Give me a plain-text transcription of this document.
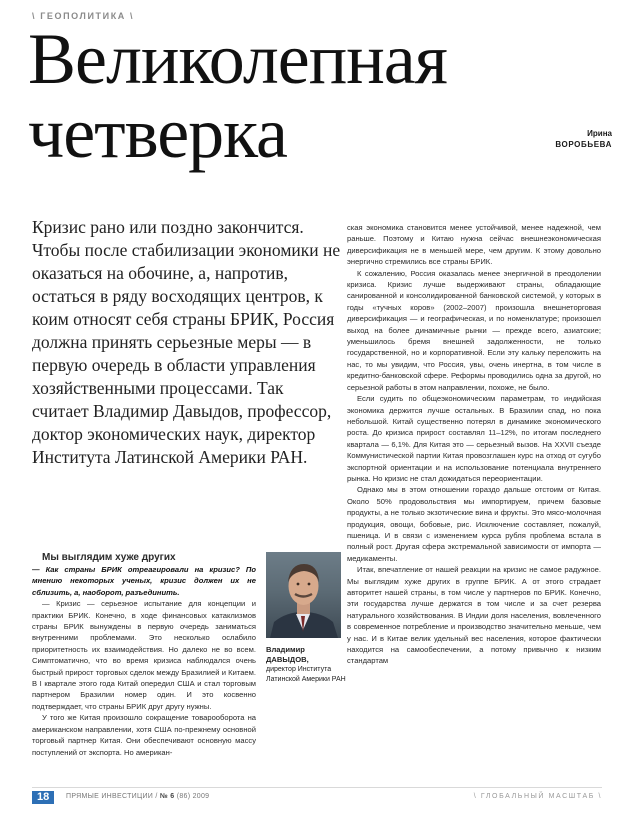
\ ГЕОПОЛИТИКА \
Великолепная
четверка	Ирина
ВОРОБЬЕВА
Кризис рано или поздно закончится. Чтобы после стабилизации экономики не оказаться на обочине, а, напротив, остаться в ряду восходящих центров, к коим относят себя страны БРИК, Россия должна принять серьезные меры — в первую очередь в области управления хозяйственными процессами. Так считает Владимир Давыдов, профессор, доктор экономических наук, директор Института Латинской Америки РАН.

ская экономика становится менее устойчивой, менее надежной, чем раньше. Поэтому и Китаю нужна сейчас внешнеэкономическая диверсификация не в меньшей мере, чем другим. К этому довольно энергично стремились все страны БРИК.

К сожалению, Россия оказалась менее энергичной в преодолении кризиса. Кризис лучше выдерживают страны, обладающие санированной и консолидированной банковской системой, у которых в годы «тучных коров» (2002–2007) произошла внешнеторговая диверсификация — и географическая, и по номенклатуре; произошел выход на более динамичные рынки — прежде всего, азиатские; уменьшилось бремя внешней задолженности, не только государственной, но и корпоративной. Если эту кальку переложить на нас, то мы увидим, что Россия, увы, очень инертна, в том числе в кредитно-банковской сфере. Реформы проводились одна за другой, но серьезной работы в этом направлении, похоже, не было.

Если судить по общеэкономическим параметрам, то индийская экономика держится лучше остальных. В Бразилии спад, но пока небольшой. Китай существенно потерял в динамике экономического роста. До кризиса прирост составлял 11–12%, по итогам последнего квартала — 6,1%. Для Китая это — серьезный вызов. На XXVII съезде Коммунистической партии Китая провозглашен курс на отход от сугубо экспортной ориентации и на использование потенциала внутреннего рынка. Но кризис не стал дожидаться переориентации.

Однако мы в этом отношении гораздо дальше отстоим от Китая. Около 50% продовольствия мы импортируем, причем базовые продукты, а не только экзотические вина и фрукты. Это мясо-молочная продукция, овощи, бобовые, рис. Исключение составляет, пожалуй, пшеница. И в связи с изменением курса рубля проблема встала в полный рост. Другая сфера экстремальной зависимости от импорта — медикаменты.

Итак, впечатление от нашей реакции на кризис не самое радужное. Мы выглядим хуже других в группе БРИК. А от этого страдает авторитет нашей страны, в том числе у партнеров по БРИК. Конечно, эти государства лучше держатся в том числе и за счет резерва натурального хозяйствования. В Индии доля населения, вовлеченного в современное потребление и производство значительно меньше, чем у нас. И в Китае велик удельный вес населения, которое фактически находится на самообеспечении, а потому привычно к низким стандартам

Мы выглядим хуже других

— Как страны БРИК отреагировали на кризис? По мнению некоторых ученых, кризис должен их не сблизить, а, наоборот, разъединить.

— Кризис — серьезное испытание для концепции и практики БРИК. Конечно, в ходе финансовых катаклизмов страны БРИК вынуждены в первую очередь заниматься внутренними проблемами. Это несколько ослабило приоритетность их взаимодействия. Но далеко не во всем. Симптоматично, что во время кризиса наблюдался очень быстрый прирост торговых сделок между Бразилией и Китаем. В I квартале этого года Китай опередил США и стал торговым партнером Бразилии номер один. И это косвенно подтверждает, что страны БРИК друг другу нужны.

У того же Китая произошло сокращение товарооборота на американском направлении, хотя США по-прежнему основной торговый партнер Китая. Они обеспечивают основную массу поступлений от экспорта. Но американ-

Владимир
ДАВЫДОВ,
директор Института Латинской Америки РАН
18	ПРЯМЫЕ ИНВЕСТИЦИИ / № 6 (86) 2009	\ ГЛОБАЛЬНЫЙ МАСШТАБ \
